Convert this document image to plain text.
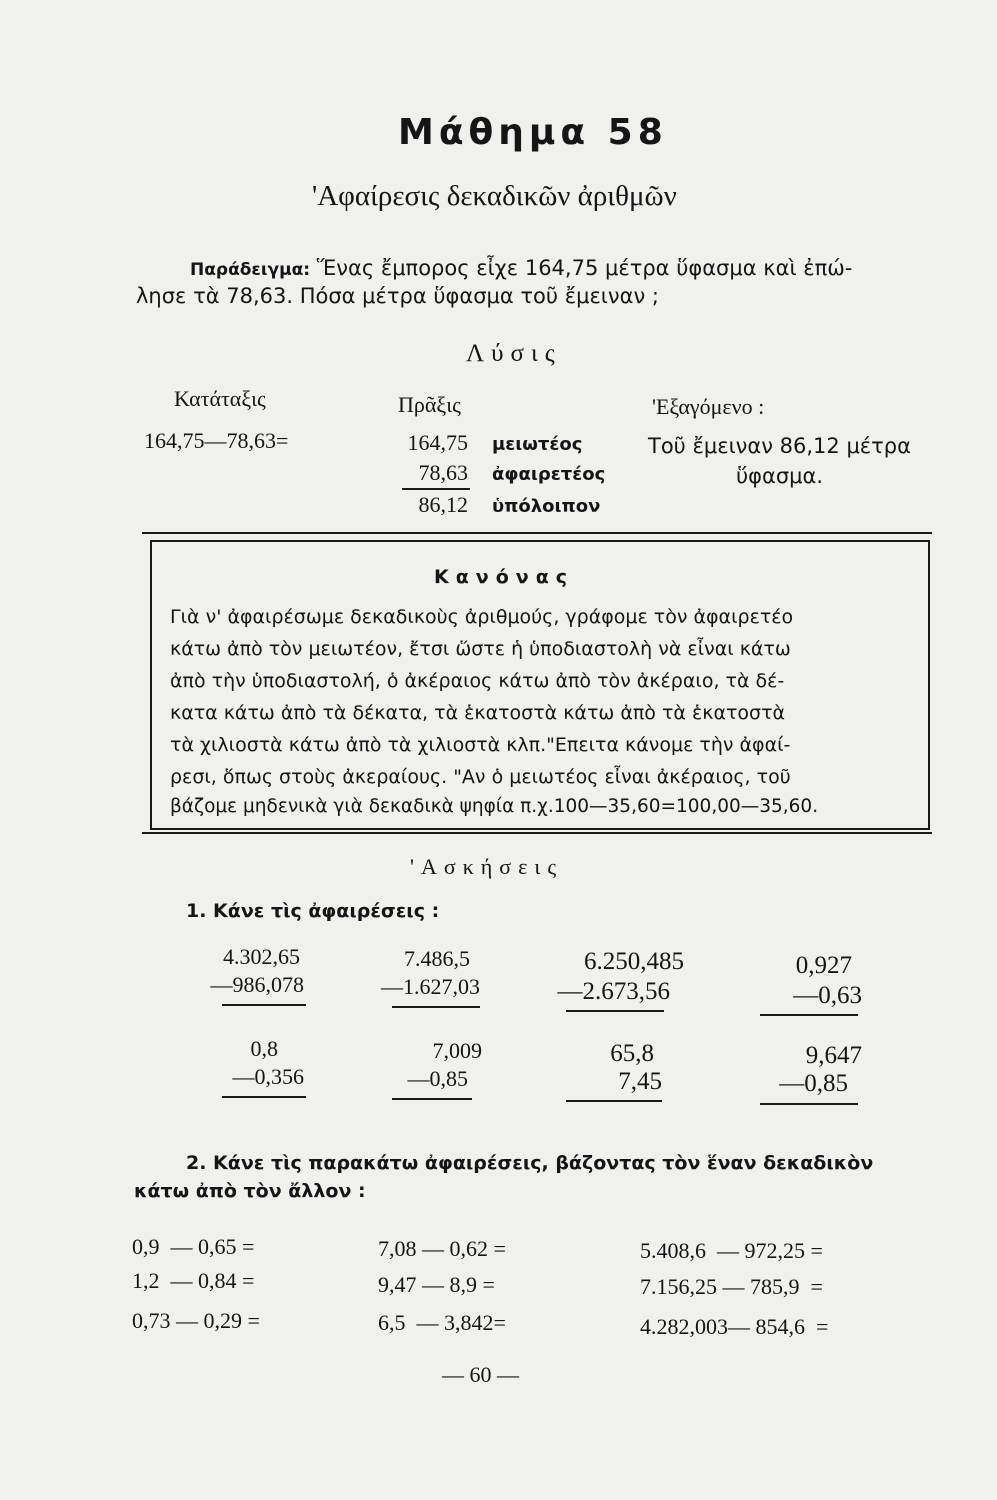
Μάθημα 58
'Αφαίρεσις δεκαδικῶν ἀριθμῶν
Παράδειγμα: Ἕνας ἔμπορος εἶχε 164,75 μέτρα ὕφασμα καὶ ἐπώ-
λησε τὰ 78,63. Πόσα μέτρα ὕφασμα τοῦ ἔμειναν ;
Λύσις
Κατάταξις	Πρᾶξις	'Εξαγόμενο :
164,75—78,63=	164,75 μειωτέος
78,63 ἀφαιρετέος
86,12 ὑπόλοιπον
Τοῦ ἔμειναν 86,12 μέτρα
ὕφασμα.
Κανόνας
Γιὰ ν' ἀφαιρέσωμε δεκαδικοὺς ἀριθμούς, γράφομε τὸν ἀφαιρετέο
κάτω ἀπὸ τὸν μειωτέον, ἔτσι ὥστε ἡ ὑποδιαστολὴ νὰ εἶναι κάτω
ἀπὸ τὴν ὑποδιαστολή, ὁ ἀκέραιος κάτω ἀπὸ τὸν ἀκέραιο, τὰ δέ-
κατα κάτω ἀπὸ τὰ δέκατα, τὰ ἑκατοστὰ κάτω ἀπὸ τὰ ἑκατοστὰ
τὰ χιλιοστὰ κάτω ἀπὸ τὰ χιλιοστὰ κλπ."Επειτα κάνομε τὴν ἀφαί-
ρεσι, ὅπως στοὺς ἀκεραίους. "Αν ὁ μειωτέος εἶναι ἀκέραιος, τοῦ
βάζομε μηδενικὰ γιὰ δεκαδικὰ ψηφία π.χ.100—35,60=100,00—35,60.
'Ασκήσεις
1. Κάνε τὶς ἀφαιρέσεις :
4.302,65
—986,078
7.486,5
—1.627,03
6.250,485
—2.673,56
0,927
—0,63
0,8
—0,356
7,009
—0,85
65,8
7,45
9,647
—0,85
2. Κάνε τὶς παρακάτω ἀφαιρέσεις, βάζοντας τὸν ἕναν δεκαδικὸν
κάτω ἀπὸ τὸν ἄλλον :
0,9  — 0,65 =
1,2  — 0,84 =
0,73 — 0,29 =
7,08 — 0,62 =
9,47 — 8,9 =
6,5  — 3,842=
5.408,6  — 972,25 =
7.156,25 — 785,9  =
4.282,003— 854,6  =
— 60 —
